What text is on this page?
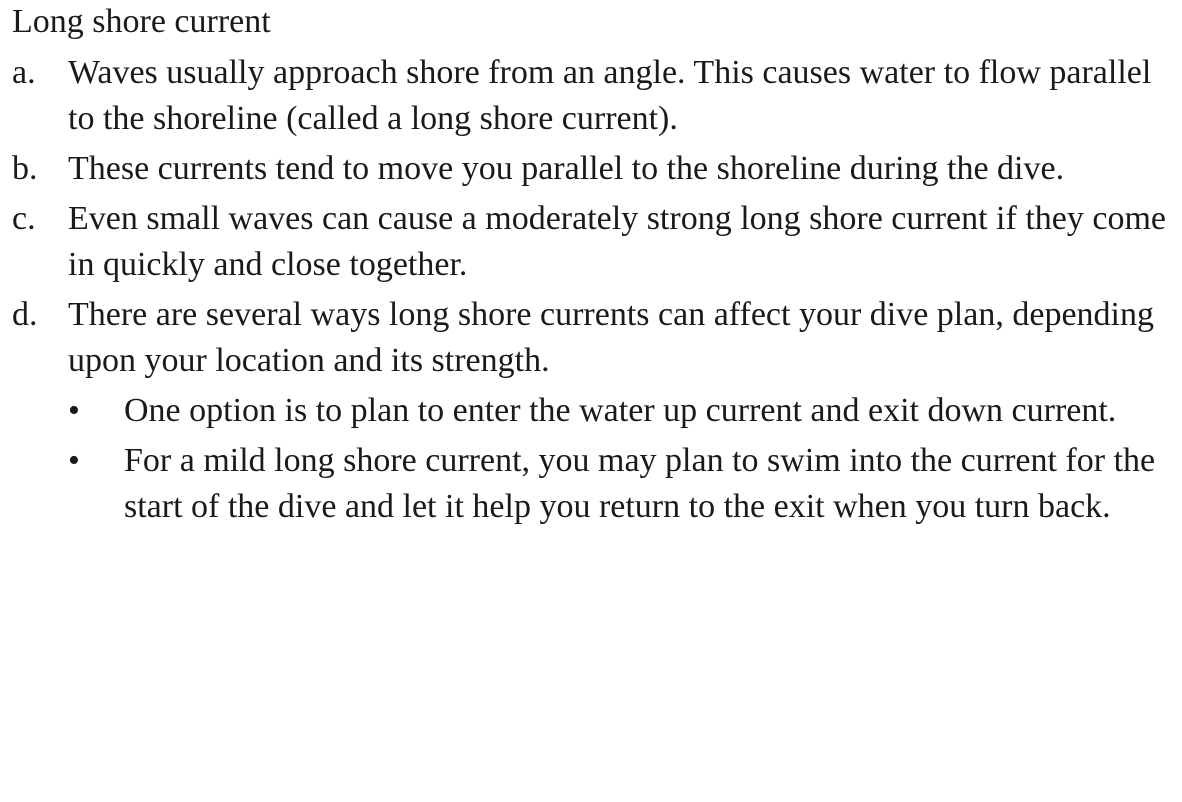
Long shore current
a. Waves usually approach shore from an angle. This causes water to flow parallel to the shoreline (called a long shore current).
b. These currents tend to move you parallel to the shoreline during the dive.
c. Even small waves can cause a moderately strong long shore current if they come in quickly and close together.
d. There are several ways long shore currents can affect your dive plan, depending upon your location and its strength.
•	One option is to plan to enter the water up current and exit down current.
•	For a mild long shore current, you may plan to swim into the current for the start of the dive and let it help you return to the exit when you turn back.
